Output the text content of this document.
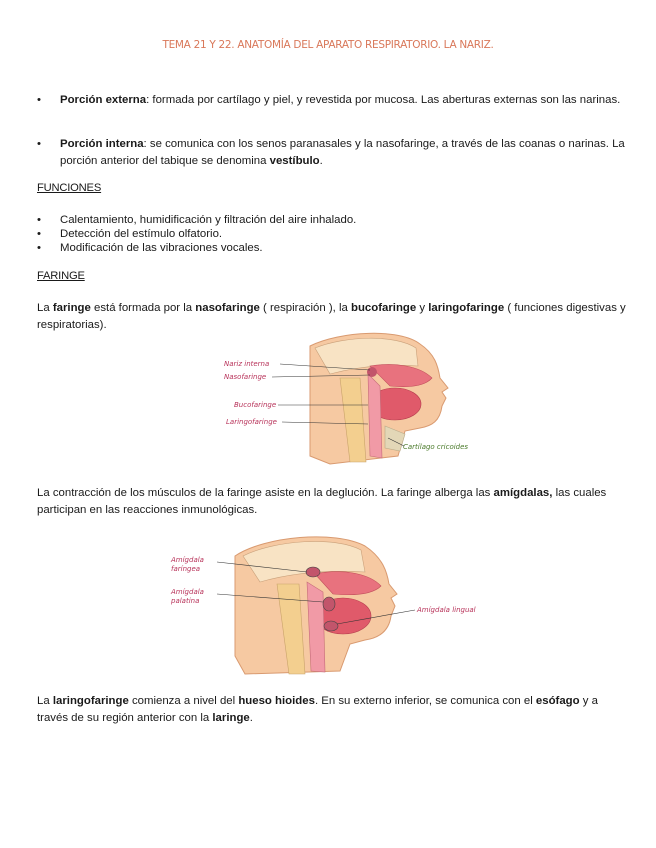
TEMA 21 Y 22. ANATOMÍA DEL APARATO RESPIRATORIO. LA NARIZ.
• Porción externa: formada por cartílago y piel, y revestida por mucosa. Las aberturas externas son las narinas.
• Porción interna: se comunica con los senos paranasales y la nasofaringe, a través de las coanas o narinas. La porción anterior del tabique se denomina vestíbulo.
FUNCIONES
• Calentamiento, humidificación y filtración del aire inhalado.
• Detección del estímulo olfatorio.
• Modificación de las vibraciones vocales.
FARINGE
La faringe está formada por la nasofaringe ( respiración ), la bucofaringe y laringofaringe ( funciones digestivas y respiratorias).
Nariz interna
Nasofaringe
Bucofaringe
Laringofaringe
Cartílago cricoides
La contracción de los músculos de la faringe asiste en la deglución. La faringe alberga las amígdalas, las cuales participan en las reacciones inmunológicas.
Amígdala faríngea
Amígdala palatina
Amígdala lingual
La laringofaringe comienza a nivel del hueso hioides. En su externo inferior, se comunica con el esófago y a través de su región anterior con la laringe.
